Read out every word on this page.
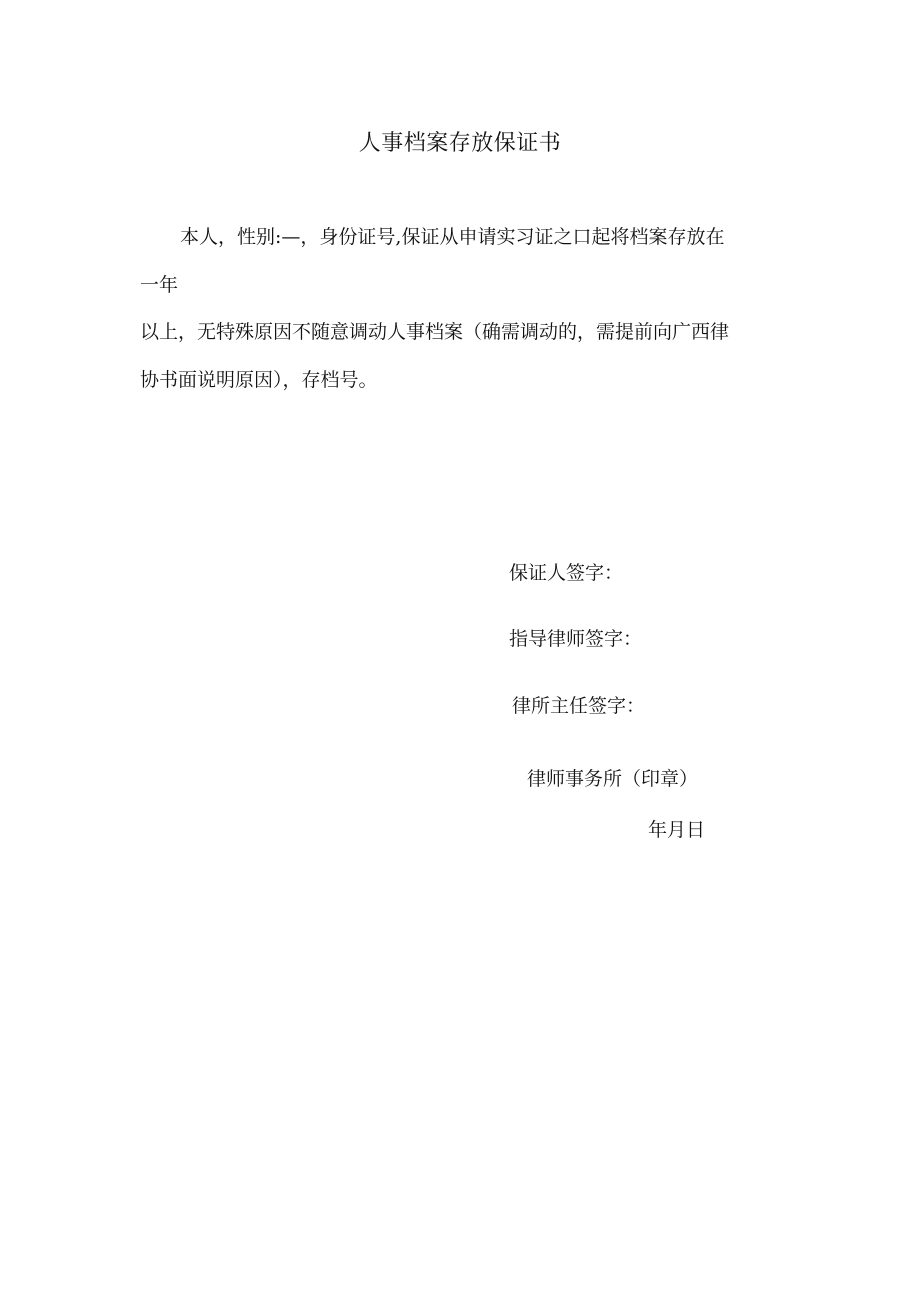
人事档案存放保证书
本人，性别:—，身份证号,保证从申请实习证之口起将档案存放在
一年
以上，无特殊原因不随意调动人事档案（确需调动的，需提前向广西律
协书面说明原因），存档号。
保证人签字：
指导律师签字：
律所主任签字：
律师事务所（印章）
年月日
